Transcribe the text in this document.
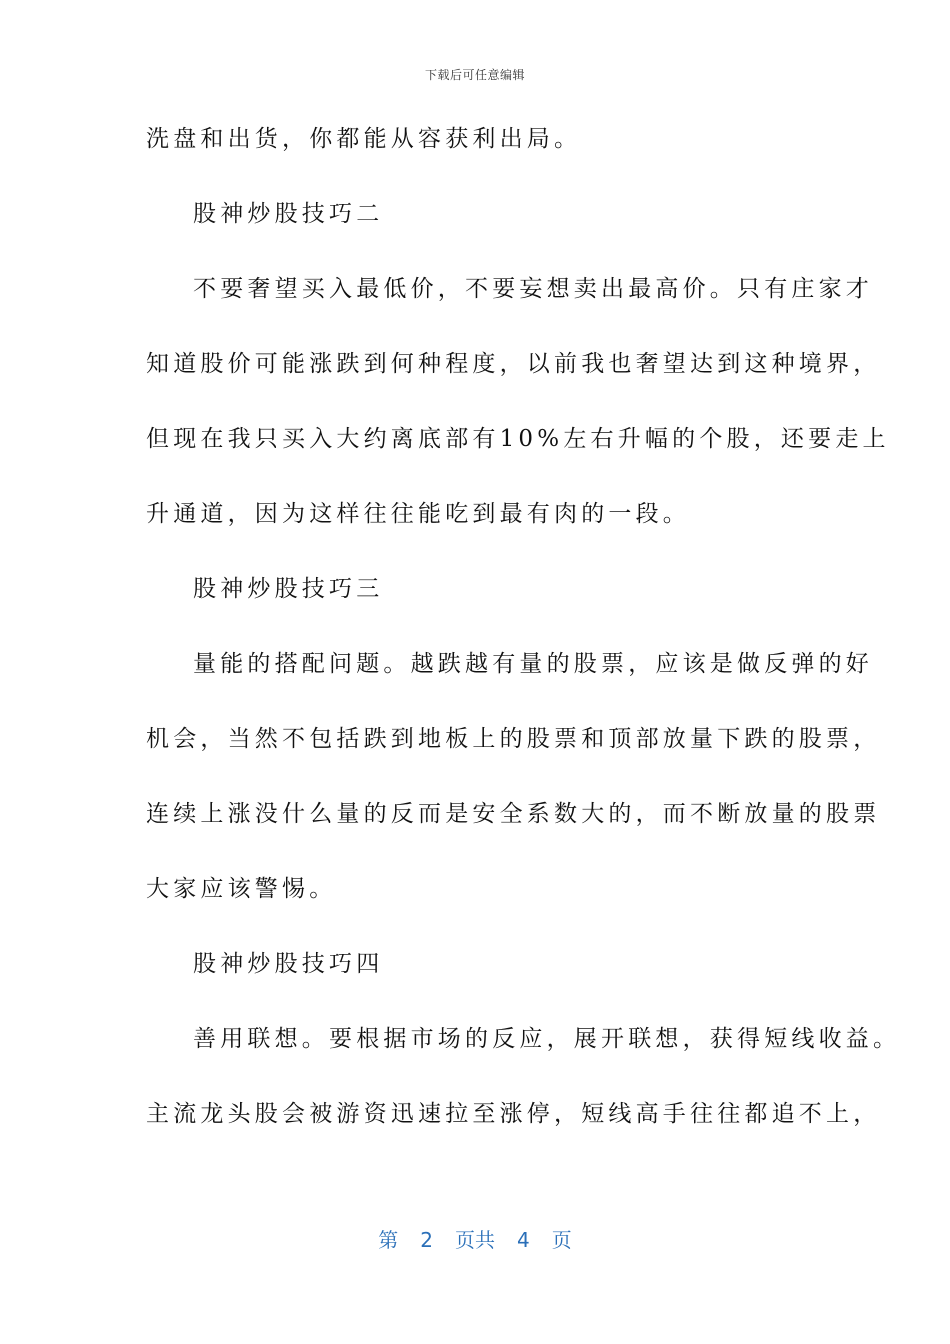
下载后可任意编辑
洗盘和出货，你都能从容获利出局。
股神炒股技巧二
不要奢望买入最低价，不要妄想卖出最高价。只有庄家才
知道股价可能涨跌到何种程度，以前我也奢望达到这种境界，
但现在我只买入大约离底部有10%左右升幅的个股，还要走上
升通道，因为这样往往能吃到最有肉的一段。
股神炒股技巧三
量能的搭配问题。越跌越有量的股票，应该是做反弹的好
机会，当然不包括跌到地板上的股票和顶部放量下跌的股票，
连续上涨没什么量的反而是安全系数大的，而不断放量的股票
大家应该警惕。
股神炒股技巧四
善用联想。要根据市场的反应，展开联想，获得短线收益。
主流龙头股会被游资迅速拉至涨停，短线高手往往都追不上，
第 2 页共 4 页
